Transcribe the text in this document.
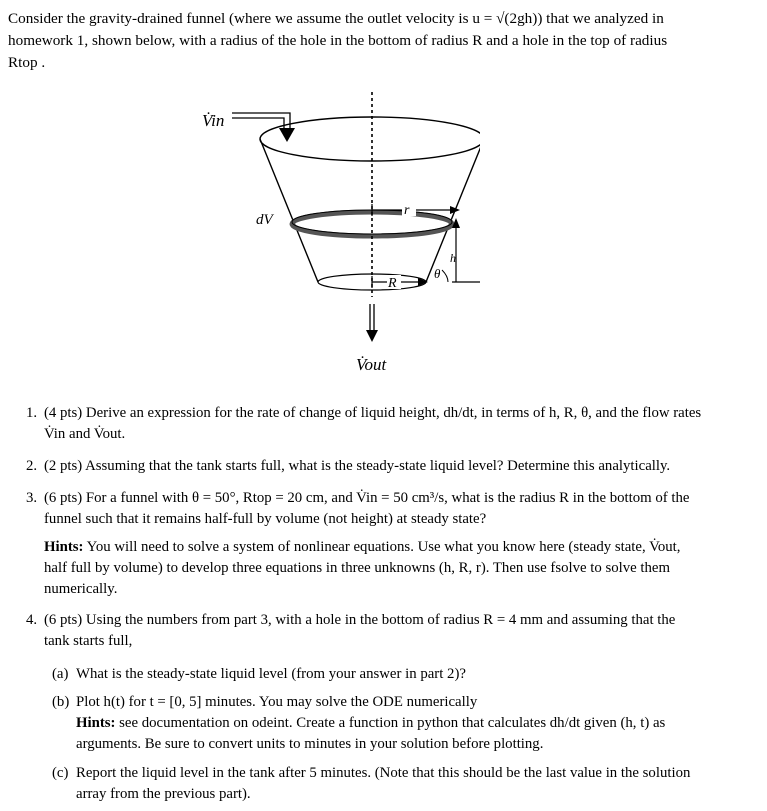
Consider the gravity-drained funnel (where we assume the outlet velocity is u = √(2gh)) that we analyzed in
homework 1, shown below, with a radius of the hole in the bottom of radius R and a hole in the top of radius
Rtop .
V̇in
dV
r
R
h
θ
V̇out
1. (4 pts) Derive an expression for the rate of change of liquid height, dh/dt, in terms of h, R, θ, and the flow rates
V̇in and V̇out.
2. (2 pts) Assuming that the tank starts full, what is the steady-state liquid level? Determine this analytically.
3. (6 pts) For a funnel with θ = 50°, Rtop = 20 cm, and V̇in = 50 cm³/s, what is the radius R in the bottom of the
funnel such that it remains half-full by volume (not height) at steady state?
Hints: You will need to solve a system of nonlinear equations. Use what you know here (steady state, V̇out,
half full by volume) to develop three equations in three unknowns (h, R, r). Then use fsolve to solve them
numerically.
4. (6 pts) Using the numbers from part 3, with a hole in the bottom of radius R = 4 mm and assuming that the
tank starts full,
(a) What is the steady-state liquid level (from your answer in part 2)?
(b) Plot h(t) for t = [0, 5] minutes. You may solve the ODE numerically
Hints: see documentation on odeint. Create a function in python that calculates dh/dt given (h, t) as
arguments. Be sure to convert units to minutes in your solution before plotting.
(c) Report the liquid level in the tank after 5 minutes. (Note that this should be the last value in the solution
array from the previous part).
